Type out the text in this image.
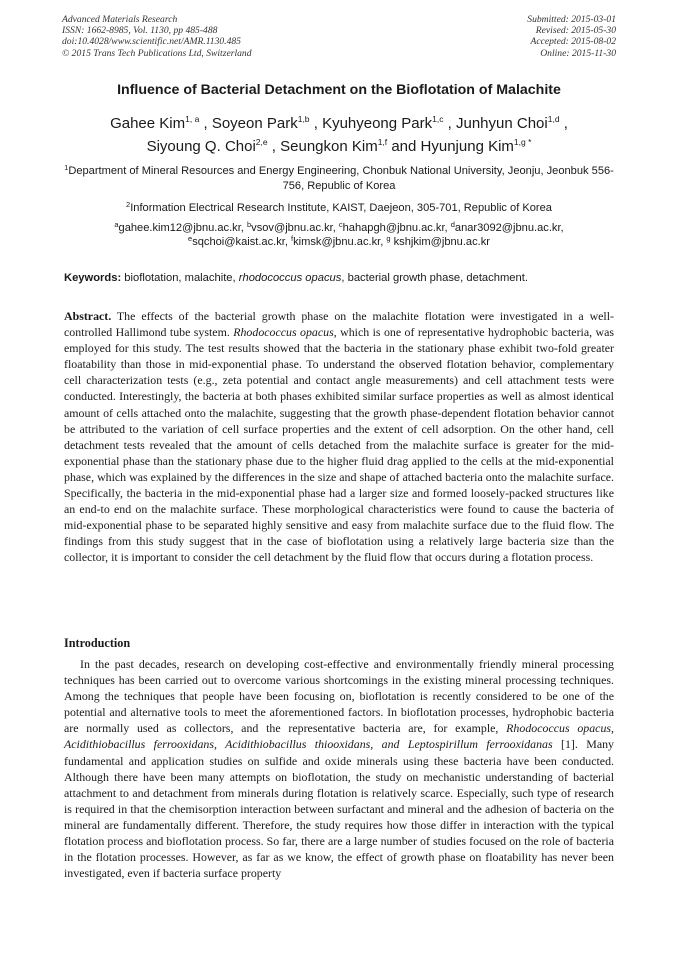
Advanced Materials Research
ISSN: 1662-8985, Vol. 1130, pp 485-488
doi:10.4028/www.scientific.net/AMR.1130.485
© 2015 Trans Tech Publications Ltd, Switzerland
Submitted: 2015-03-01
Revised: 2015-05-30
Accepted: 2015-08-02
Online: 2015-11-30
Influence of Bacterial Detachment on the Bioflotation of Malachite
Gahee Kim$^{1, a}$ , Soyeon Park$^{1,b}$ , Kyuhyeong Park$^{1,c}$ , Junhyun Choi$^{1,d}$ ,
Siyoung Q. Choi$^{2,e}$ , Seungkon Kim$^{1,f}$ and Hyunjung Kim$^{1,g *}$
$^1$Department of Mineral Resources and Energy Engineering, Chonbuk National University, Jeonju, Jeonbuk 556-756, Republic of Korea
$^2$Information Electrical Research Institute, KAIST, Daejeon, 305-701, Republic of Korea
$^a$gahee.kim12@jbnu.ac.kr, $^b$vsov@jbnu.ac.kr, $^c$hahapgh@jbnu.ac.kr, $^d$anar3092@jbnu.ac.kr,
$^e$sqchoi@kaist.ac.kr, $^f$kimsk@jbnu.ac.kr, $^g$ kshjkim@jbnu.ac.kr
Keywords: bioflotation, malachite, rhodococcus opacus, bacterial growth phase, detachment.
Abstract. The effects of the bacterial growth phase on the malachite flotation were investigated in a well-controlled Hallimond tube system. Rhodococcus opacus, which is one of representative hydrophobic bacteria, was employed for this study. The test results showed that the bacteria in the stationary phase exhibit two-fold greater floatability than those in mid-exponential phase. To understand the observed flotation behavior, complementary cell characterization tests (e.g., zeta potential and contact angle measurements) and cell attachment tests were conducted. Interestingly, the bacteria at both phases exhibited similar surface properties as well as almost identical amount of cells attached onto the malachite, suggesting that the growth phase-dependent flotation behavior cannot be attributed to the variation of cell surface properties and the extent of cell adsorption. On the other hand, cell detachment tests revealed that the amount of cells detached from the malachite surface is greater for the mid-exponential phase than the stationary phase due to the higher fluid drag applied to the cells at the mid-exponential phase, which was explained by the differences in the size and shape of attached bacteria onto the malachite surface. Specifically, the bacteria in the mid-exponential phase had a larger size and formed loosely-packed structures like an end-to end on the malachite surface. These morphological characteristics were found to cause the bacteria of mid-exponential phase to be separated highly sensitive and easy from malachite surface due to the fluid flow. The findings from this study suggest that in the case of bioflotation using a relatively large bacteria size than the collector, it is important to consider the cell detachment by the fluid flow that occurs during a flotation process.
Introduction
In the past decades, research on developing cost-effective and environmentally friendly mineral processing techniques has been carried out to overcome various shortcomings in the existing mineral processing techniques. Among the techniques that people have been focusing on, bioflotation is recently considered to be one of the potential and alternative tools to meet the aforementioned factors. In bioflotation processes, hydrophobic bacteria are normally used as collectors, and the representative bacteria are, for example, Rhodococcus opacus, Acidithiobacillus ferrooxidans, Acidithiobacillus thiooxidans, and Leptospirillum ferrooxidanas [1]. Many fundamental and application studies on sulfide and oxide minerals using these bacteria have been conducted. Although there have been many attempts on bioflotation, the study on mechanistic understanding of bacterial attachment to and detachment from minerals during flotation is relatively scarce. Especially, such type of research is required in that the chemisorption interaction between surfactant and mineral and the adhesion of bacteria on the mineral are fundamentally different. Therefore, the study requires how those differ in interaction with the typical flotation process and bioflotation process. So far, there are a large number of studies focused on the role of bacteria in the flotation processes. However, as far as we know, the effect of growth phase on floatability has never been investigated, even if bacteria surface property
